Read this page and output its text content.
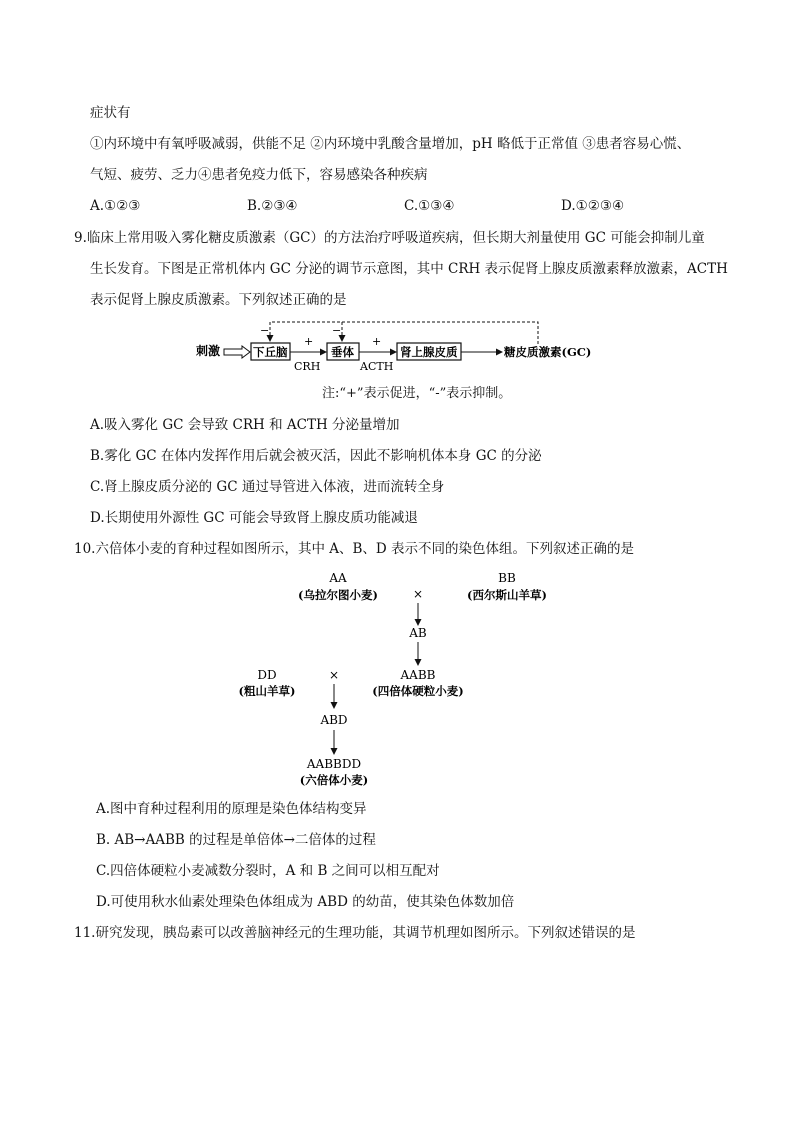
症状有
①内环境中有氧呼吸减弱，供能不足 ②内环境中乳酸含量增加，pH 略低于正常值 ③患者容易心慌、
气短、疲劳、乏力④患者免疫力低下，容易感染各种疾病
A.①②③	B.②③④	C.①③④	D.①②③④
9.临床上常用吸入雾化糖皮质激素（GC）的方法治疗呼吸道疾病，但长期大剂量使用 GC 可能会抑制儿童
生长发育。下图是正常机体内 GC 分泌的调节示意图，其中 CRH 表示促肾上腺皮质激素释放激素，ACTH
表示促肾上腺皮质激素。下列叙述正确的是
−	−
刺激	下丘脑
+
CRH
垂体
+
ACTH
肾上腺皮质	糖皮质激素(GC)
注:“+”表示促进，“-”表示抑制。
A.吸入雾化 GC 会导致 CRH 和 ACTH 分泌量增加
B.雾化 GC 在体内发挥作用后就会被灭活，因此不影响机体本身 GC 的分泌
C.肾上腺皮质分泌的 GC 通过导管进入体液，进而流转全身
D.长期使用外源性 GC 可能会导致肾上腺皮质功能减退
10.六倍体小麦的育种过程如图所示，其中 A、B、D 表示不同的染色体组。下列叙述正确的是
AA
(乌拉尔图小麦)
BB
(西尔斯山羊草)
×
AB
AABB
(四倍体硬粒小麦)
DD
(粗山羊草)
×
ABD
AABBDD
(六倍体小麦)
A.图中育种过程利用的原理是染色体结构变异
B. AB→AABB 的过程是单倍体→二倍体的过程
C.四倍体硬粒小麦减数分裂时，A 和 B 之间可以相互配对
D.可使用秋水仙素处理染色体组成为 ABD 的幼苗，使其染色体数加倍
11.研究发现，胰岛素可以改善脑神经元的生理功能，其调节机理如图所示。下列叙述错误的是
